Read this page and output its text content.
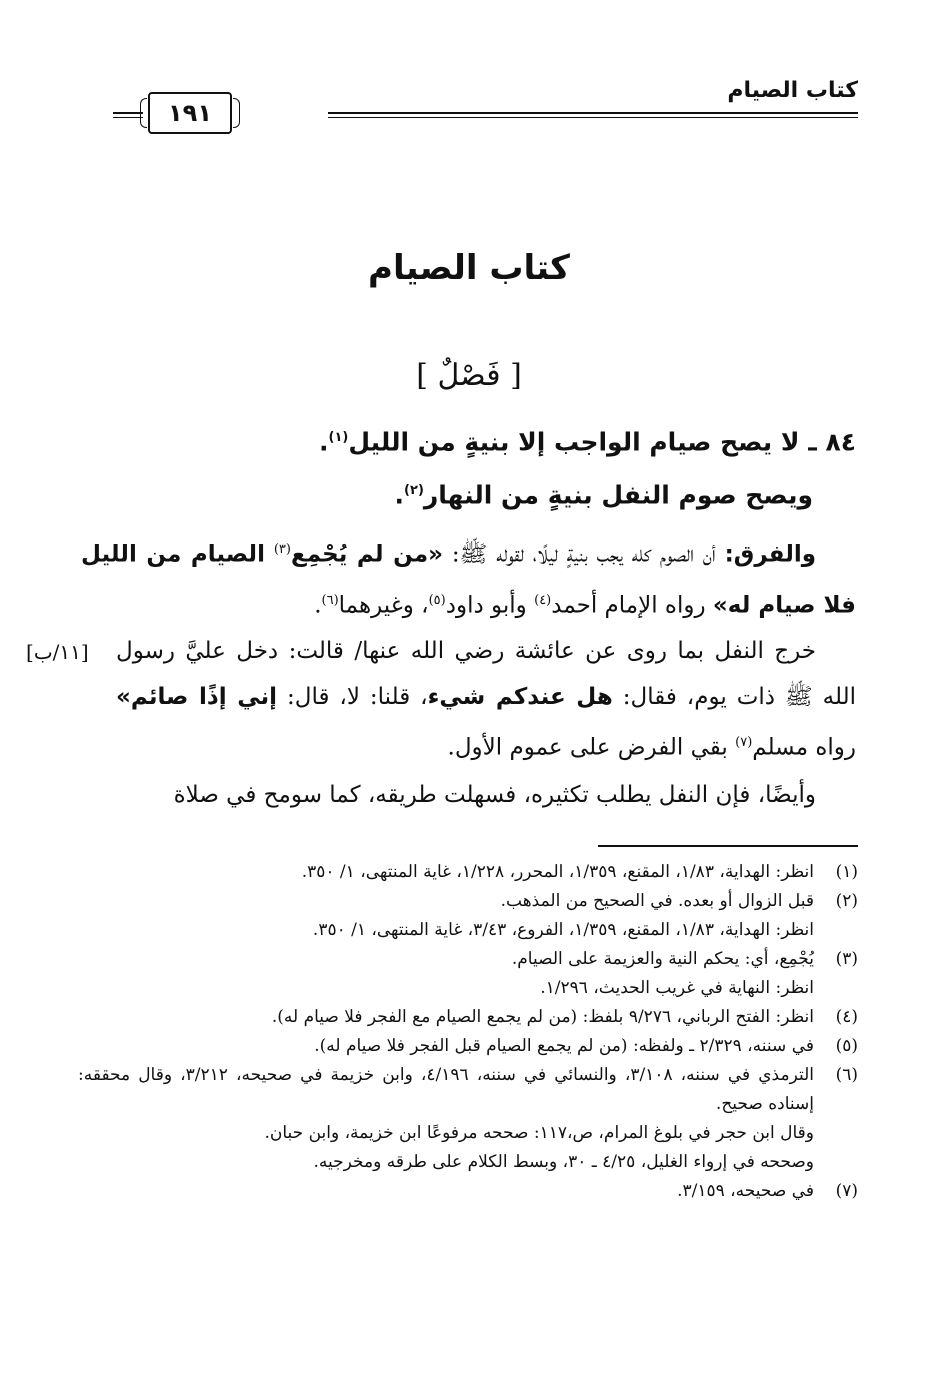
كتاب الصيام
١٩١
كتاب الصيام
[ فَصْلٌ ]
٨٤ ـ لا يصح صيام الواجب إلا بنيةٍ من الليل$^{(١)}$.
ويصح صوم النفل بنيةٍ من النهار$^{(٢)}$.
والفرق: أن الصوم كله يجب بنيةٍ ليلًا، لقوله ﷺ: «من لم يُجْمِع$^{(٣)}$ الصيام من الليل فلا صيام له» رواه الإمام أحمد$^{(٤)}$ وأبو داود$^{(٥)}$، وغيرهما$^{(٦)}$.
[١١/ب] خرج النفل بما روى عن عائشة رضي الله عنها/ قالت: دخل عليَّ رسول الله ﷺ ذات يوم، فقال: هل عندكم شيء، قلنا: لا، قال: إني إذًا صائم» رواه مسلم$^{(٧)}$ بقي الفرض على عموم الأول.
وأيضًا، فإن النفل يطلب تكثيره، فسهلت طريقه، كما سومح في صلاة
(١)
انظر: الهداية، ١/٨٣، المقنع، ١/٣٥٩، المحرر، ١/٢٢٨، غاية المنتهى، ١/ ٣٥٠.
(٢)
قبل الزوال أو بعده. في الصحيح من المذهب.
انظر: الهداية، ١/٨٣، المقنع، ١/٣٥٩، الفروع، ٣/٤٣، غاية المنتهى، ١/ ٣٥٠.
(٣)
يُجْمِع، أي: يحكم النية والعزيمة على الصيام.
انظر: النهاية في غريب الحديث، ١/٢٩٦.
(٤)
انظر: الفتح الرباني، ٩/٢٧٦ بلفظ: (من لم يجمع الصيام مع الفجر فلا صيام له).
(٥)
في سننه، ٢/٣٢٩ ـ ولفظه: (من لم يجمع الصيام قبل الفجر فلا صيام له).
(٦)
الترمذي في سننه، ٣/١٠٨، والنسائي في سننه، ٤/١٩٦، وابن خزيمة في صحيحه، ٣/٢١٢، وقال محققه: إسناده صحيح.
وقال ابن حجر في بلوغ المرام، ص،١١٧: صححه مرفوعًا ابن خزيمة، وابن حبان.
وصححه في إرواء الغليل، ٤/٢٥ ـ ٣٠، وبسط الكلام على طرقه ومخرجيه.
(٧)
في صحيحه، ٣/١٥٩.
